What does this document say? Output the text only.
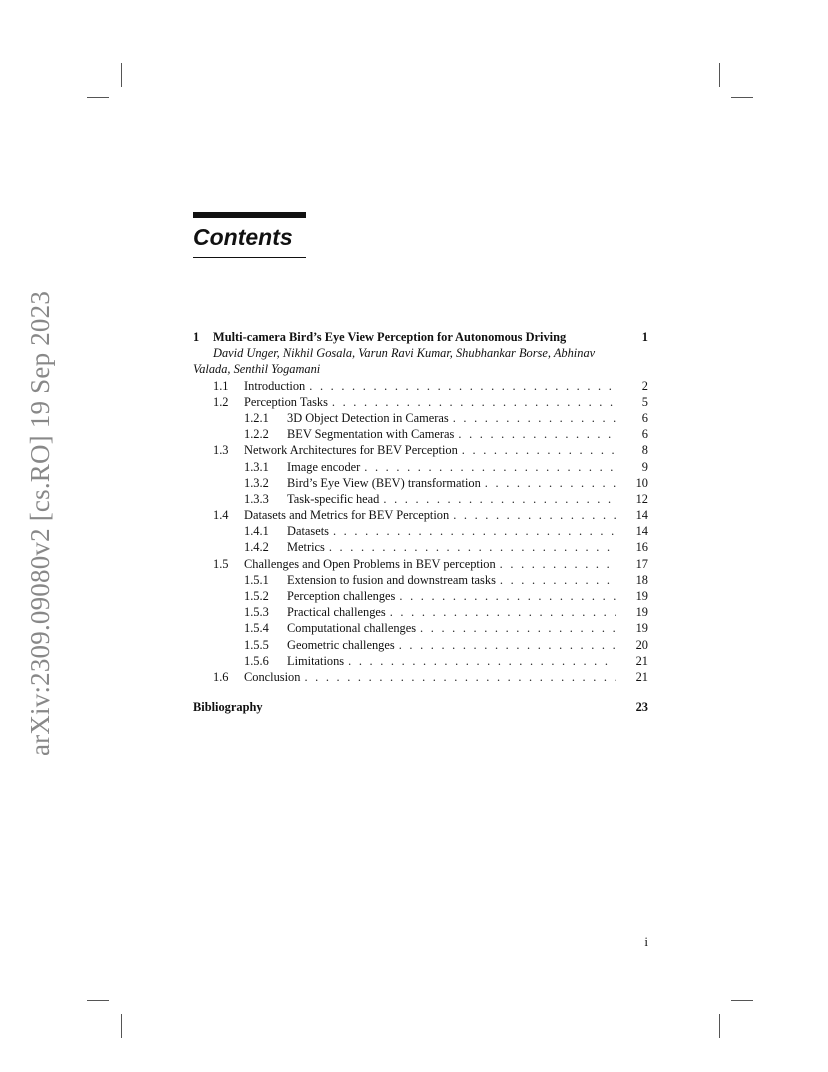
arXiv:2309.09080v2 [cs.RO] 19 Sep 2023
Contents
1 Multi-camera Bird’s Eye View Perception for Autonomous Driving	1
David Unger, Nikhil Gosala, Varun Ravi Kumar, Shubhankar Borse, Abhinav
Valada, Senthil Yogamani
1.1	Introduction . . .	2
1.2	Perception Tasks . . .	5
1.2.1	3D Object Detection in Cameras . . .	6
1.2.2	BEV Segmentation with Cameras . . .	6
1.3	Network Architectures for BEV Perception . . .	8
1.3.1	Image encoder . . .	9
1.3.2	Bird’s Eye View (BEV) transformation . . .	10
1.3.3	Task-specific head . . .	12
1.4	Datasets and Metrics for BEV Perception . . .	14
1.4.1	Datasets . . .	14
1.4.2	Metrics . . .	16
1.5	Challenges and Open Problems in BEV perception . . .	17
1.5.1	Extension to fusion and downstream tasks . . .	18
1.5.2	Perception challenges . . .	19
1.5.3	Practical challenges . . .	19
1.5.4	Computational challenges . . .	19
1.5.5	Geometric challenges . . .	20
1.5.6	Limitations . . .	21
1.6	Conclusion . . .	21
Bibliography	23
i
